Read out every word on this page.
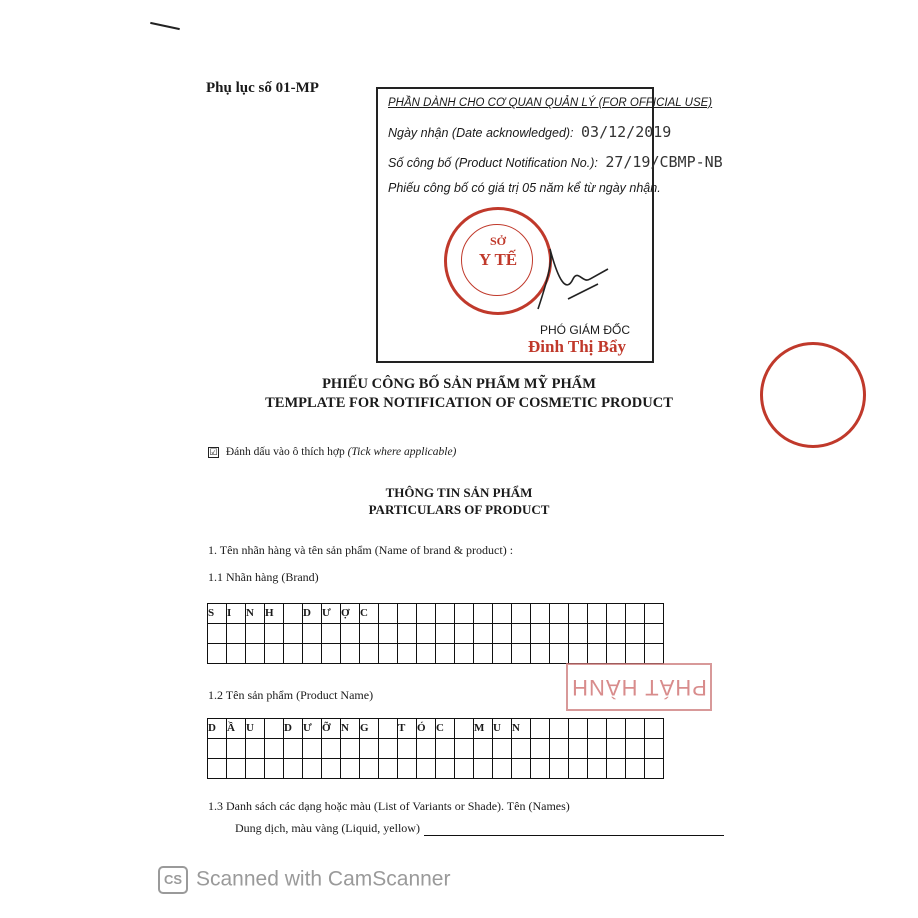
Phụ lục số 01-MP
PHẦN DÀNH CHO CƠ QUAN QUẢN LÝ (FOR OFFICIAL USE)
Ngày nhận (Date acknowledged): 03/12/2019
Số công bố (Product Notification No.): 27/19/CBMP-NB
Phiếu công bố có giá trị 05 năm kể từ ngày nhận.
SỞ
Y TẾ
PHÓ GIÁM ĐỐC
Đinh Thị Bẩy
PHIẾU CÔNG BỐ SẢN PHẨM MỸ PHẨM
TEMPLATE FOR NOTIFICATION OF COSMETIC PRODUCT
☑ Đánh dấu vào ô thích hợp (Tick where applicable)
THÔNG TIN SẢN PHẨM
PARTICULARS OF PRODUCT
1. Tên nhãn hàng và tên sản phẩm (Name of brand & product) :
1.1 Nhãn hàng (Brand)
S	I	N	H		D	Ư	Ợ	C															

PHÁT HÀNH
1.2 Tên sản phẩm (Product Name)
D	Ầ	U		D	Ư	Ỡ	N	G		T	Ó	C		M	U	N							

1.3 Danh sách các dạng hoặc màu (List of Variants or Shade). Tên (Names)
Dung dịch, màu vàng (Liquid, yellow)
CS Scanned with CamScanner
